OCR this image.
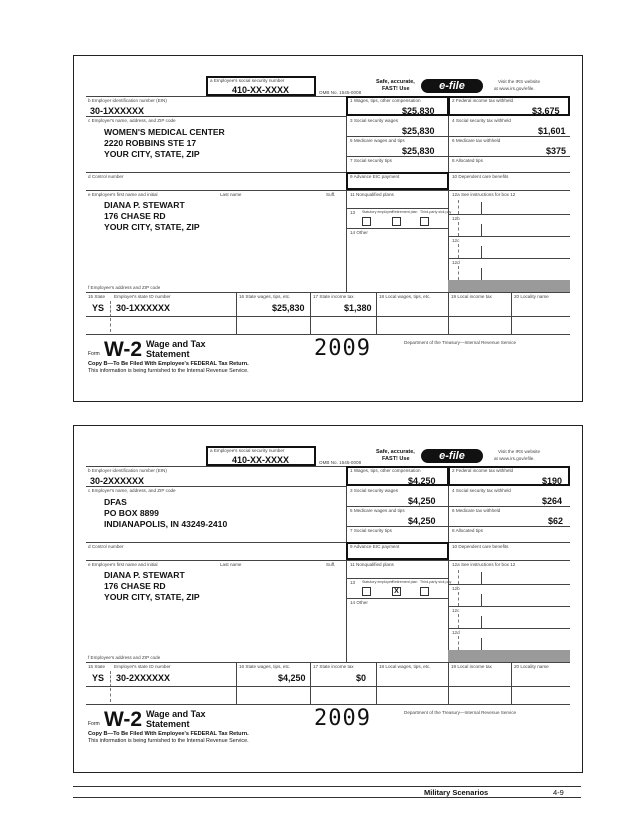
a Employee's social security number
410-XX-XXXX	OMB No. 1545-0008
Safe, accurate,
FAST! Use	e-file	Visit the IRS website
at www.irs.gov/efile.
b Employer identification number (EIN)
30-1XXXXXX
c Employer's name, address, and ZIP code
WOMEN'S MEDICAL CENTER
2220 ROBBINS STE 17
YOUR CITY, STATE, ZIP
1 Wages, tips, other compensation
$25,830
2 Federal income tax withheld
$3,675
3 Social security wages
$25,830
4 Social security tax withheld
$1,601
5 Medicare wages and tips
$25,830
6 Medicare tax withheld
$375
7 Social security tips	8 Allocated tips
d Control number	9 Advance EIC payment	10 Dependent care benefits
e Employee's first name and initial	Last name	Suff.
DIANA P. STEWART
176 CHASE RD
YOUR CITY, STATE, ZIP
f Employee's address and ZIP code
11 Nonqualified plans	12a See instructions for box 12
12b
12c
12d
13 Statutory employee Retirement plan Third-party sick pay
14 Other
15 State Employer's state ID number
YS 30-1XXXXXX
16 State wages, tips, etc.
$25,830
17 State income tax
$1,380
18 Local wages, tips, etc.	19 Local income tax	20 Locality name
Form W-2 Wage and Tax
Statement	2009	Department of the Treasury—Internal Revenue Service
Copy B—To Be Filed With Employee's FEDERAL Tax Return.
This information is being furnished to the Internal Revenue Service.
a Employee's social security number
410-XX-XXXX	OMB No. 1545-0008
Safe, accurate,
FAST! Use	e-file	Visit the IRS website
at www.irs.gov/efile.
b Employer identification number (EIN)
30-2XXXXXX
c Employer's name, address, and ZIP code
DFAS
PO BOX 8899
INDIANAPOLIS, IN 43249-2410
1 Wages, tips, other compensation
$4,250
2 Federal income tax withheld
$190
3 Social security wages
$4,250
4 Social security tax withheld
$264
5 Medicare wages and tips
$4,250
6 Medicare tax withheld
$62
7 Social security tips	8 Allocated tips
d Control number	9 Advance EIC payment	10 Dependent care benefits
e Employee's first name and initial	Last name	Suff.
DIANA P. STEWART
176 CHASE RD
YOUR CITY, STATE, ZIP
f Employee's address and ZIP code
11 Nonqualified plans	12a See instructions for box 12
12b
12c
12d
13 Statutory employee Retirement plan Third-party sick pay
X
14 Other
15 State Employer's state ID number
YS 30-2XXXXXX
16 State wages, tips, etc.
$4,250
17 State income tax
$0
18 Local wages, tips, etc.	19 Local income tax	20 Locality name
Form W-2 Wage and Tax
Statement	2009	Department of the Treasury—Internal Revenue Service
Copy B—To Be Filed With Employee's FEDERAL Tax Return.
This information is being furnished to the Internal Revenue Service.
Military Scenarios	4-9
